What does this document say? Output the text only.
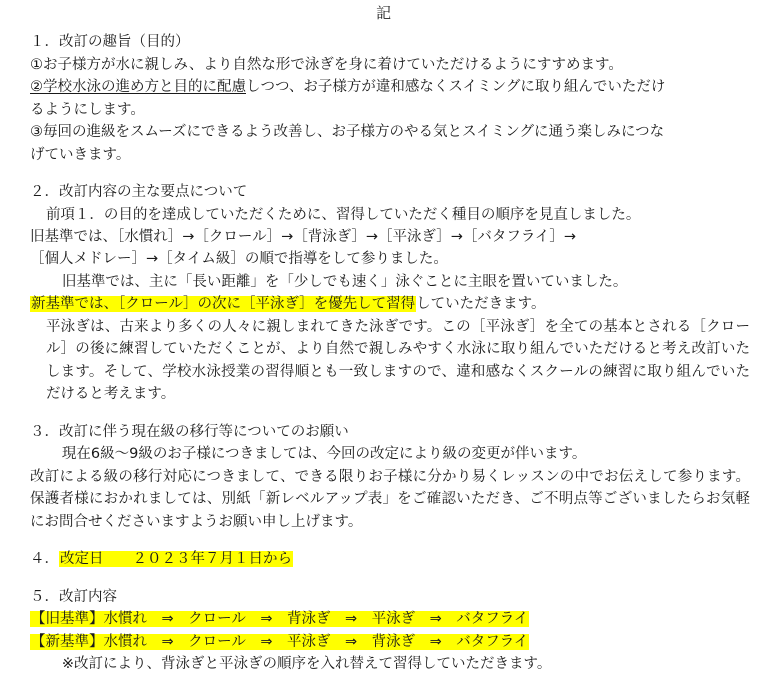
記

１．改訂の趣旨（目的）

①お子様方が水に親しみ、より自然な形で泳ぎを身に着けていただけるようにすすめます。

②学校水泳の進め方と目的に配慮しつつ、お子様方が違和感なくスイミングに取り組んでいただけ

るようにします。

③毎回の進級をスムーズにできるよう改善し、お子様方のやる気とスイミングに通う楽しみにつな

げていきます。

２．改訂内容の主な要点について

前項１．の目的を達成していただくために、習得していただく種目の順序を見直しました。

旧基準では、［水慣れ］→［クロール］→［背泳ぎ］→［平泳ぎ］→［バタフライ］→

［個人メドレー］→［タイム級］の順で指導をして参りました。

旧基準では、主に「長い距離」を「少しでも速く」泳ぐことに主眼を置いていました。

新基準では、［クロール］の次に［平泳ぎ］を優先して習得していただきます。

平泳ぎは、古来より多くの人々に親しまれてきた泳ぎです。この［平泳ぎ］を全ての基本とされる［クロール］の後に練習していただくことが、より自然で親しみやすく水泳に取り組んでいただけると考え改訂いたします。そして、学校水泳授業の習得順とも一致しますので、違和感なくスクールの練習に取り組んでいただけると考えます。

３．改訂に伴う現在級の移行等についてのお願い

現在6級～9級のお子様につきましては、今回の改定により級の変更が伴います。

改訂による級の移行対応につきまして、できる限りお子様に分かり易くレッスンの中でお伝えして参ります。保護者様におかれましては、別紙「新レベルアップ表」をご確認いただき、ご不明点等ございましたらお気軽にお問合せくださいますようお願い申し上げます。

４．改定日　　２０２３年７月１日から

５．改訂内容

【旧基準】水慣れ　⇒　クロール　⇒　背泳ぎ　⇒　平泳ぎ　⇒　バタフライ

【新基準】水慣れ　⇒　クロール　⇒　平泳ぎ　⇒　背泳ぎ　⇒　バタフライ

※改訂により、背泳ぎと平泳ぎの順序を入れ替えて習得していただきます。
